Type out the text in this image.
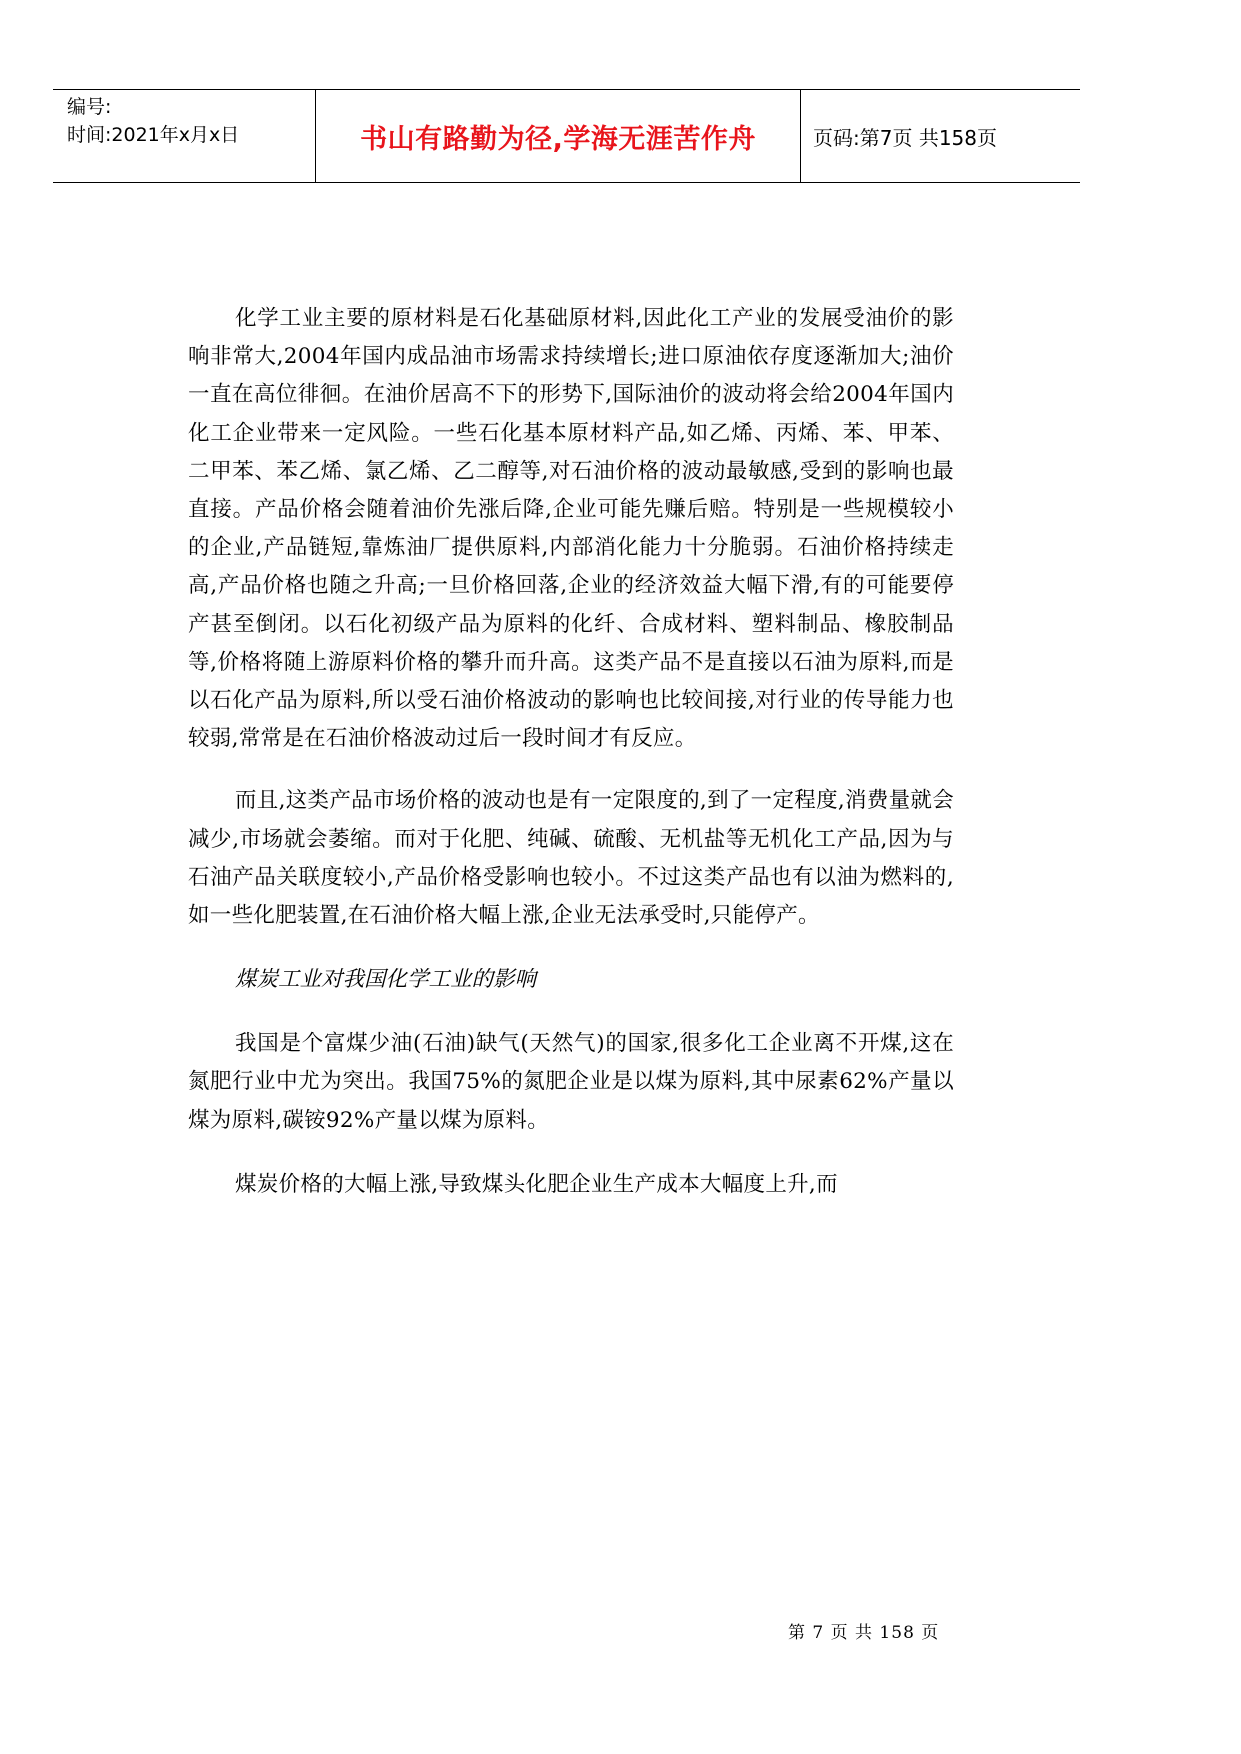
编号:
时间:2021年x月x日	书山有路勤为径,学海无涯苦作舟	页码:第7页 共158页

化学工业主要的原材料是石化基础原材料,因此化工产业的发展受油价的影响非常大,2004年国内成品油市场需求持续增长;进口原油依存度逐渐加大;油价一直在高位徘徊。在油价居高不下的形势下,国际油价的波动将会给2004年国内化工企业带来一定风险。一些石化基本原材料产品,如乙烯、丙烯、苯、甲苯、二甲苯、苯乙烯、氯乙烯、乙二醇等,对石油价格的波动最敏感,受到的影响也最直接。产品价格会随着油价先涨后降,企业可能先赚后赔。特别是一些规模较小的企业,产品链短,靠炼油厂提供原料,内部消化能力十分脆弱。石油价格持续走高,产品价格也随之升高;一旦价格回落,企业的经济效益大幅下滑,有的可能要停产甚至倒闭。以石化初级产品为原料的化纤、合成材料、塑料制品、橡胶制品等,价格将随上游原料价格的攀升而升高。这类产品不是直接以石油为原料,而是以石化产品为原料,所以受石油价格波动的影响也比较间接,对行业的传导能力也较弱,常常是在石油价格波动过后一段时间才有反应。

而且,这类产品市场价格的波动也是有一定限度的,到了一定程度,消费量就会减少,市场就会萎缩。而对于化肥、纯碱、硫酸、无机盐等无机化工产品,因为与石油产品关联度较小,产品价格受影响也较小。不过这类产品也有以油为燃料的,如一些化肥装置,在石油价格大幅上涨,企业无法承受时,只能停产。

煤炭工业对我国化学工业的影响

我国是个富煤少油(石油)缺气(天然气)的国家,很多化工企业离不开煤,这在氮肥行业中尤为突出。我国75%的氮肥企业是以煤为原料,其中尿素62%产量以煤为原料,碳铵92%产量以煤为原料。

煤炭价格的大幅上涨,导致煤头化肥企业生产成本大幅度上升,而

第 7 页 共 158 页
